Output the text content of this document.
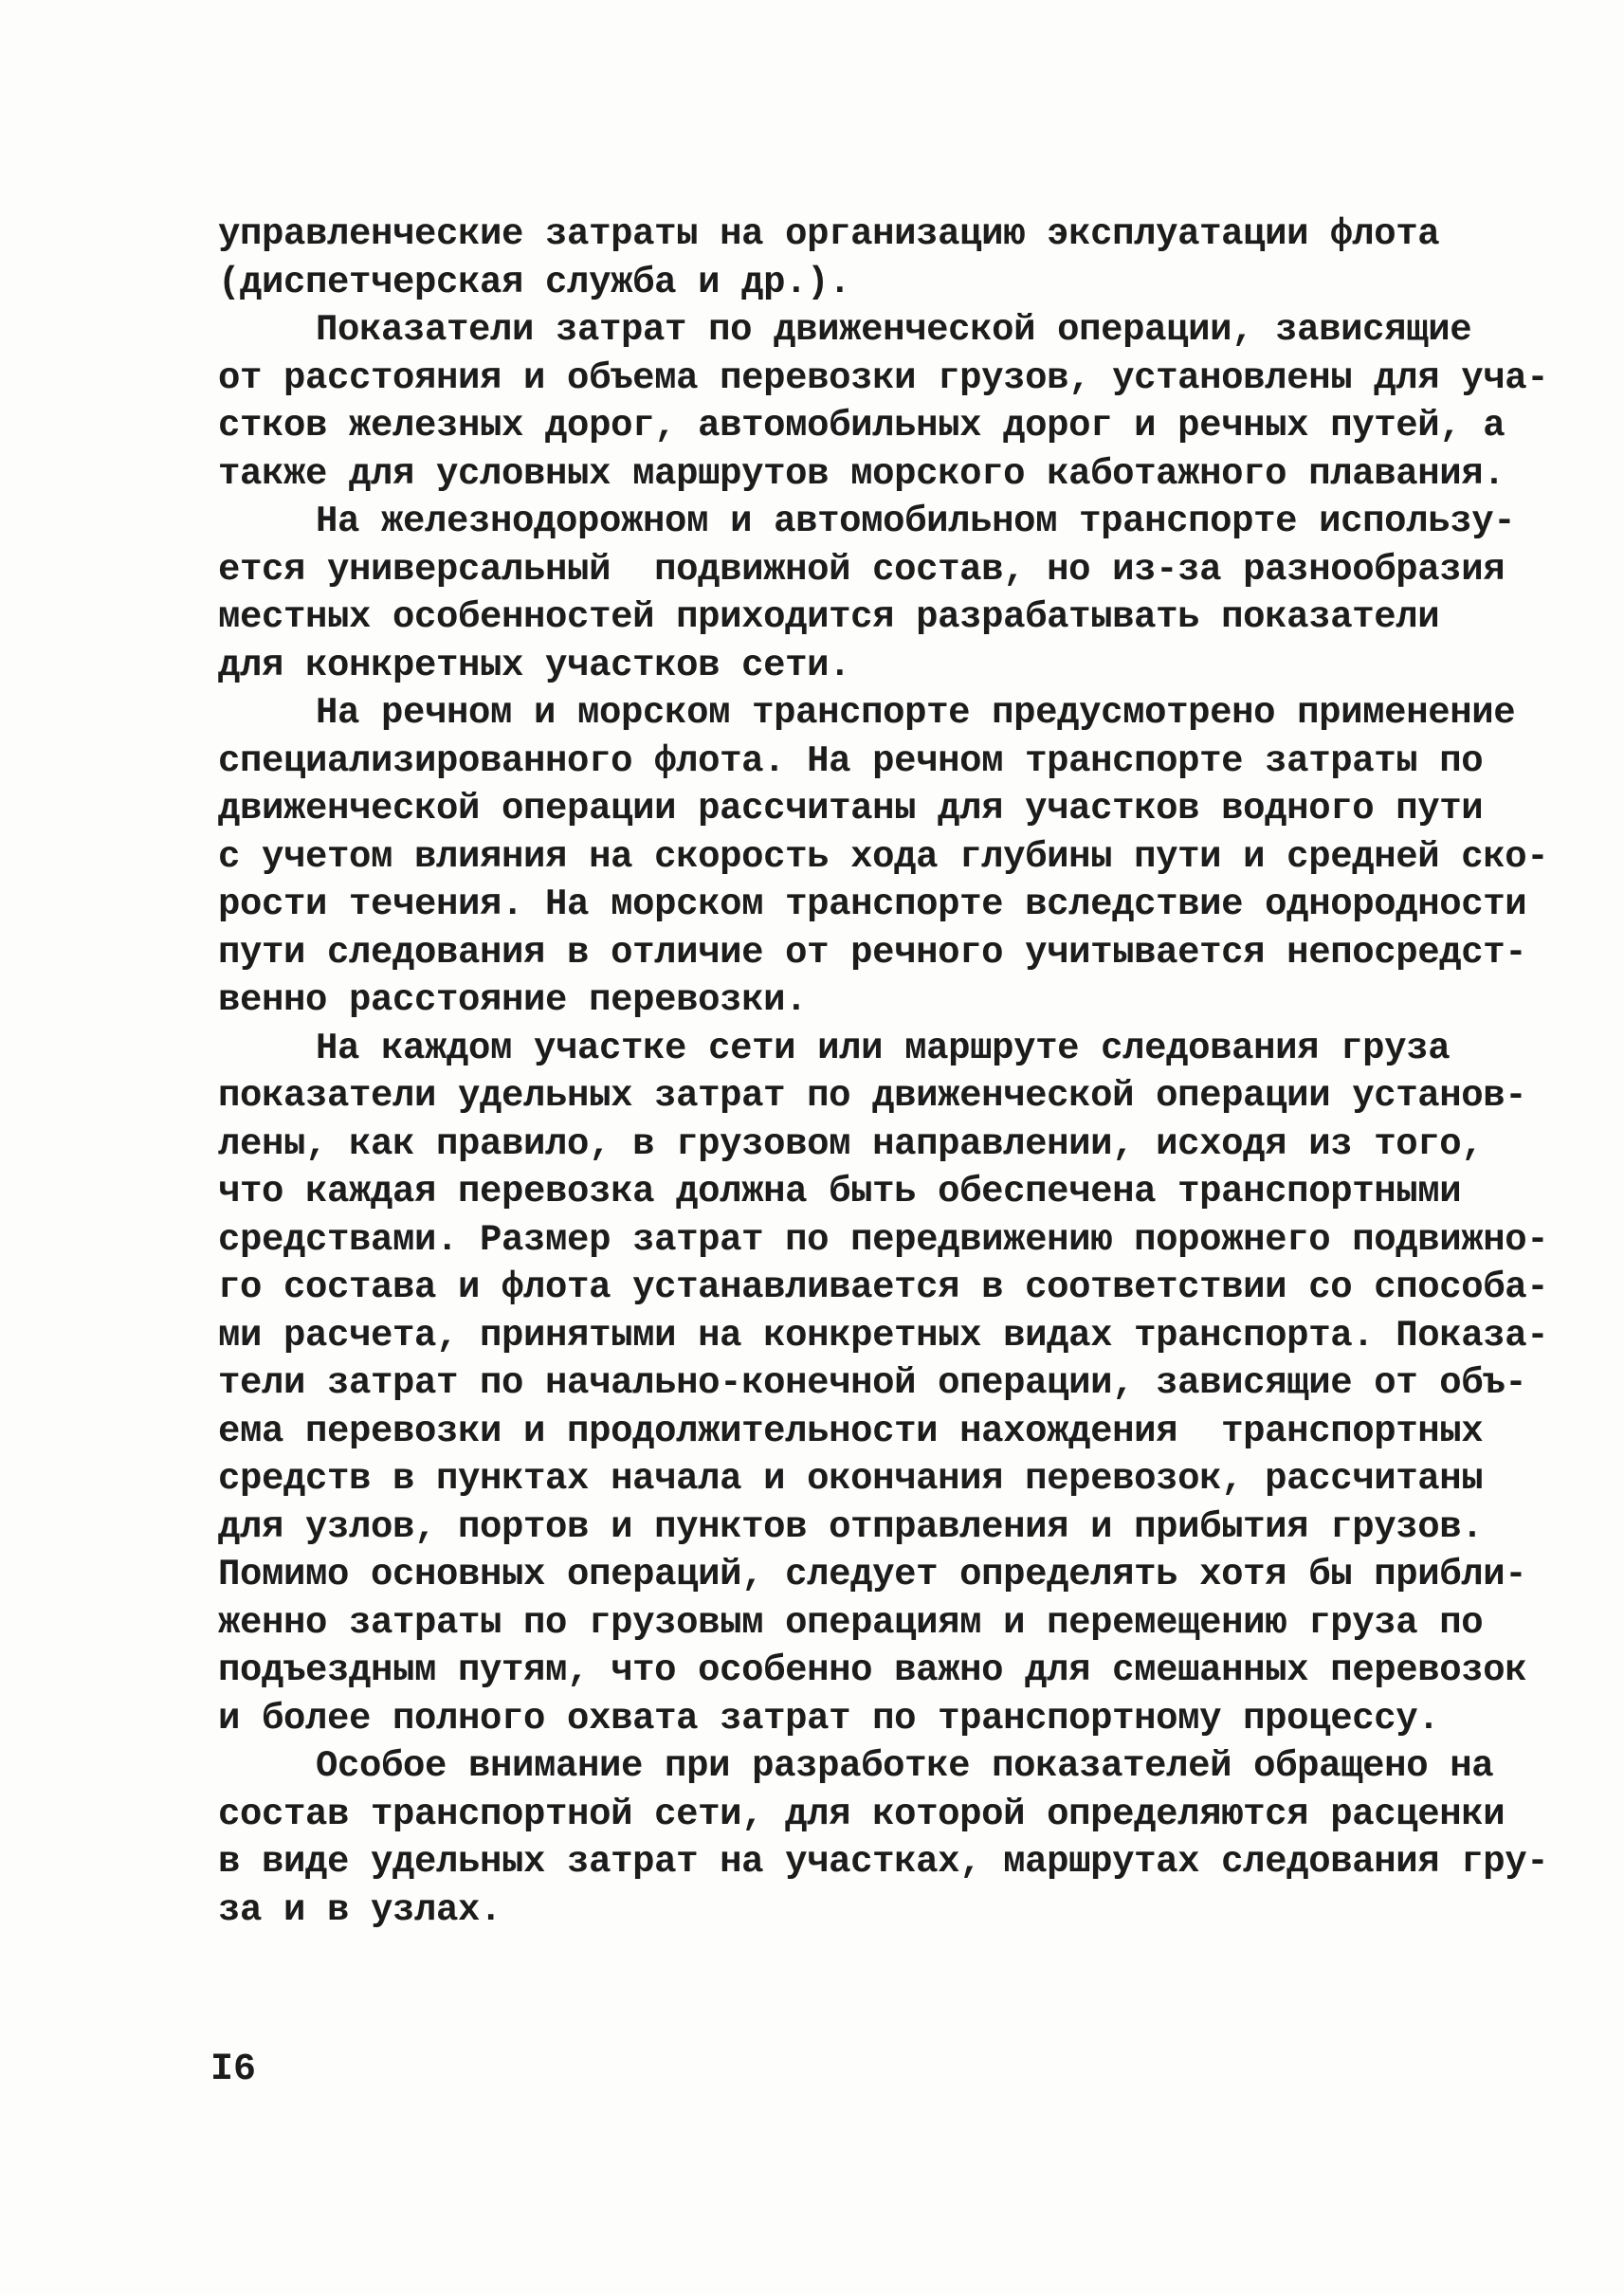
управленческие затраты на организацию эксплуатации флота
(диспетчерская служба и др.).
Показатели затрат по движенческой операции, зависящие
от расстояния и объема перевозки грузов, установлены для уча-
стков железных дорог, автомобильных дорог и речных путей, а
также для условных маршрутов морского каботажного плавания.
На железнодорожном и автомобильном транспорте использу-
ется универсальный  подвижной состав, но из-за разнообразия
местных особенностей приходится разрабатывать показатели
для конкретных участков сети.
На речном и морском транспорте предусмотрено применение
специализированного флота. На речном транспорте затраты по
движенческой операции рассчитаны для участков водного пути
с учетом влияния на скорость хода глубины пути и средней ско-
рости течения. На морском транспорте вследствие однородности
пути следования в отличие от речного учитывается непосредст-
венно расстояние перевозки.
На каждом участке сети или маршруте следования груза
показатели удельных затрат по движенческой операции установ-
лены, как правило, в грузовом направлении, исходя из того,
что каждая перевозка должна быть обеспечена транспортными
средствами. Размер затрат по передвижению порожнего подвижно-
го состава и флота устанавливается в соответствии со способа-
ми расчета, принятыми на конкретных видах транспорта. Показа-
тели затрат по начально-конечной операции, зависящие от объ-
ема перевозки и продолжительности нахождения  транспортных
средств в пунктах начала и окончания перевозок, рассчитаны
для узлов, портов и пунктов отправления и прибытия грузов.
Помимо основных операций, следует определять хотя бы прибли-
женно затраты по грузовым операциям и перемещению груза по
подъездным путям, что особенно важно для смешанных перевозок
и более полного охвата затрат по транспортному процессу.
Особое внимание при разработке показателей обращено на
состав транспортной сети, для которой определяются расценки
в виде удельных затрат на участках, маршрутах следования гру-
за и в узлах.
I6
